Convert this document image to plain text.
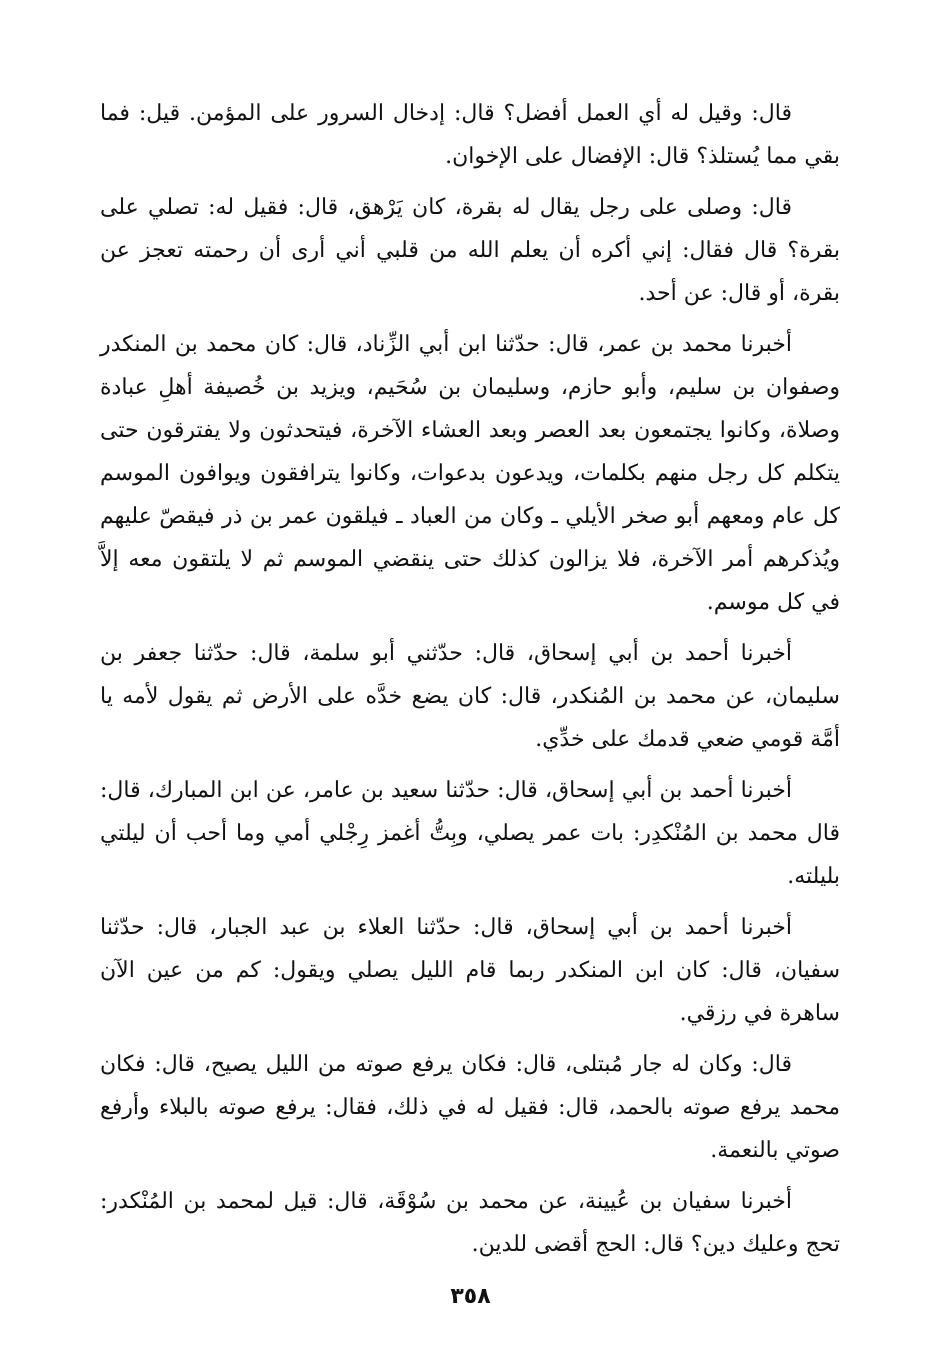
قال: وقيل له أي العمل أفضل؟ قال: إدخال السرور على المؤمن. قيل: فما بقي مما يُستلذ؟ قال: الإفضال على الإخوان.

قال: وصلى على رجل يقال له بقرة، كان يَرْهق، قال: فقيل له: تصلي على بقرة؟ قال فقال: إني أكره أن يعلم الله من قلبي أني أرى أن رحمته تعجز عن بقرة، أو قال: عن أحد.

أخبرنا محمد بن عمر، قال: حدّثنا ابن أبي الزِّناد، قال: كان محمد بن المنكدر وصفوان بن سليم، وأبو حازم، وسليمان بن سُحَيم، ويزيد بن خُصيفة أهلِ عبادة وصلاة، وكانوا يجتمعون بعد العصر وبعد العشاء الآخرة، فيتحدثون ولا يفترقون حتى يتكلم كل رجل منهم بكلمات، ويدعون بدعوات، وكانوا يترافقون ويوافون الموسم كل عام ومعهم أبو صخر الأيلي ـ وكان من العباد ـ فيلقون عمر بن ذر فيقصّ عليهم ويُذكرهم أمر الآخرة، فلا يزالون كذلك حتى ينقضي الموسم ثم لا يلتقون معه إلاَّ في كل موسم.

أخبرنا أحمد بن أبي إسحاق، قال: حدّثني أبو سلمة، قال: حدّثنا جعفر بن سليمان، عن محمد بن المُنكدر، قال: كان يضع خدَّه على الأرض ثم يقول لأمه يا أمَّة قومي ضعي قدمك على خدِّي.

أخبرنا أحمد بن أبي إسحاق، قال: حدّثنا سعيد بن عامر، عن ابن المبارك، قال: قال محمد بن المُنْكدِر: بات عمر يصلي، وبِتُّ أغمز رِجْلي أمي وما أحب أن ليلتي بليلته.

أخبرنا أحمد بن أبي إسحاق، قال: حدّثنا العلاء بن عبد الجبار، قال: حدّثنا سفيان، قال: كان ابن المنكدر ربما قام الليل يصلي ويقول: كم من عين الآن ساهرة في رزقي.

قال: وكان له جار مُبتلى، قال: فكان يرفع صوته من الليل يصيح، قال: فكان محمد يرفع صوته بالحمد، قال: فقيل له في ذلك، فقال: يرفع صوته بالبلاء وأرفع صوتي بالنعمة.

أخبرنا سفيان بن عُيينة، عن محمد بن سُوْقَة، قال: قيل لمحمد بن المُنْكدر: تحج وعليك دين؟ قال: الحج أقضى للدين.

٣٥٨
